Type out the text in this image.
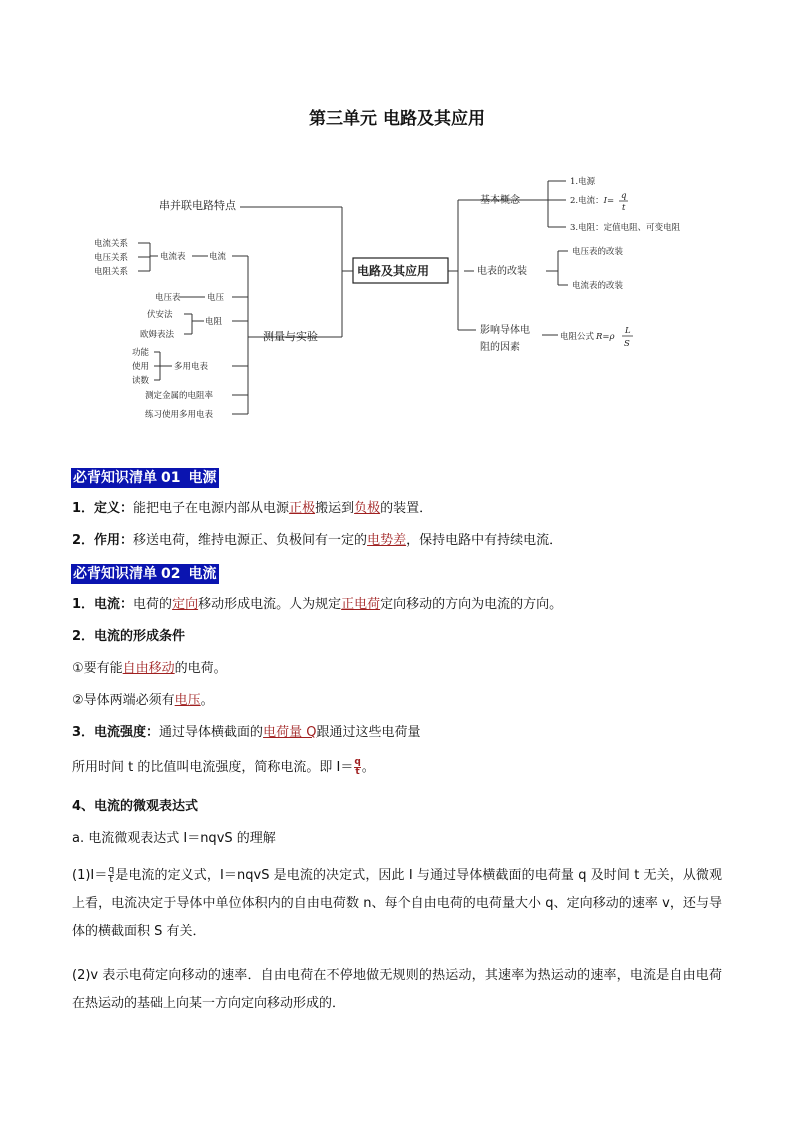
第三单元 电路及其应用
串并联电路特点
测量与实验
电路及其应用
电流关系
电压关系
电阻关系
电流表	电流
电压表	电压
伏安法
欧姆表法
电阻
功能
使用
读数
多用电表
测定金属的电阻率
练习使用多用电表
基本概念
1.电源
2.电流：I= q
t
3.电阻：定值电阻、可变电阻
电表的改装
电压表的改装
电流表的改装
影响导体电
阻的因素
电阻公式 R=ρ
L
S
必背知识清单 01 电源
1．定义：能把电子在电源内部从电源正极搬运到负极的装置．
2．作用：移送电荷，维持电源正、负极间有一定的电势差，保持电路中有持续电流．
必背知识清单 02 电流
1．电流：电荷的定向移动形成电流。人为规定正电荷定向移动的方向为电流的方向。
2．电流的形成条件
①要有能自由移动的电荷。
②导体两端必须有电压。
3．电流强度：通过导体横截面的电荷量 Q跟通过这些电荷量
所用时间 t 的比值叫电流强度，简称电流。即 $I= \frac{q}{t}$ 。
4、电流的微观表达式
a. 电流微观表达式 I＝nqvS 的理解
$(1)I= \frac{q}{t}$ 是电流的定义式，I＝nqvS 是电流的决定式，因此 I 与通过导体横截面的电荷量 q 及时间 t 无关，从微观上看，电流决定于导体中单位体积内的自由电荷数 n、每个自由电荷的电荷量大小 q、定向移动的速率 v，还与导体的横截面积 S 有关．
(2)v 表示电荷定向移动的速率．自由电荷在不停地做无规则的热运动，其速率为热运动的速率，电流是自由电荷在热运动的基础上向某一方向定向移动形成的．
